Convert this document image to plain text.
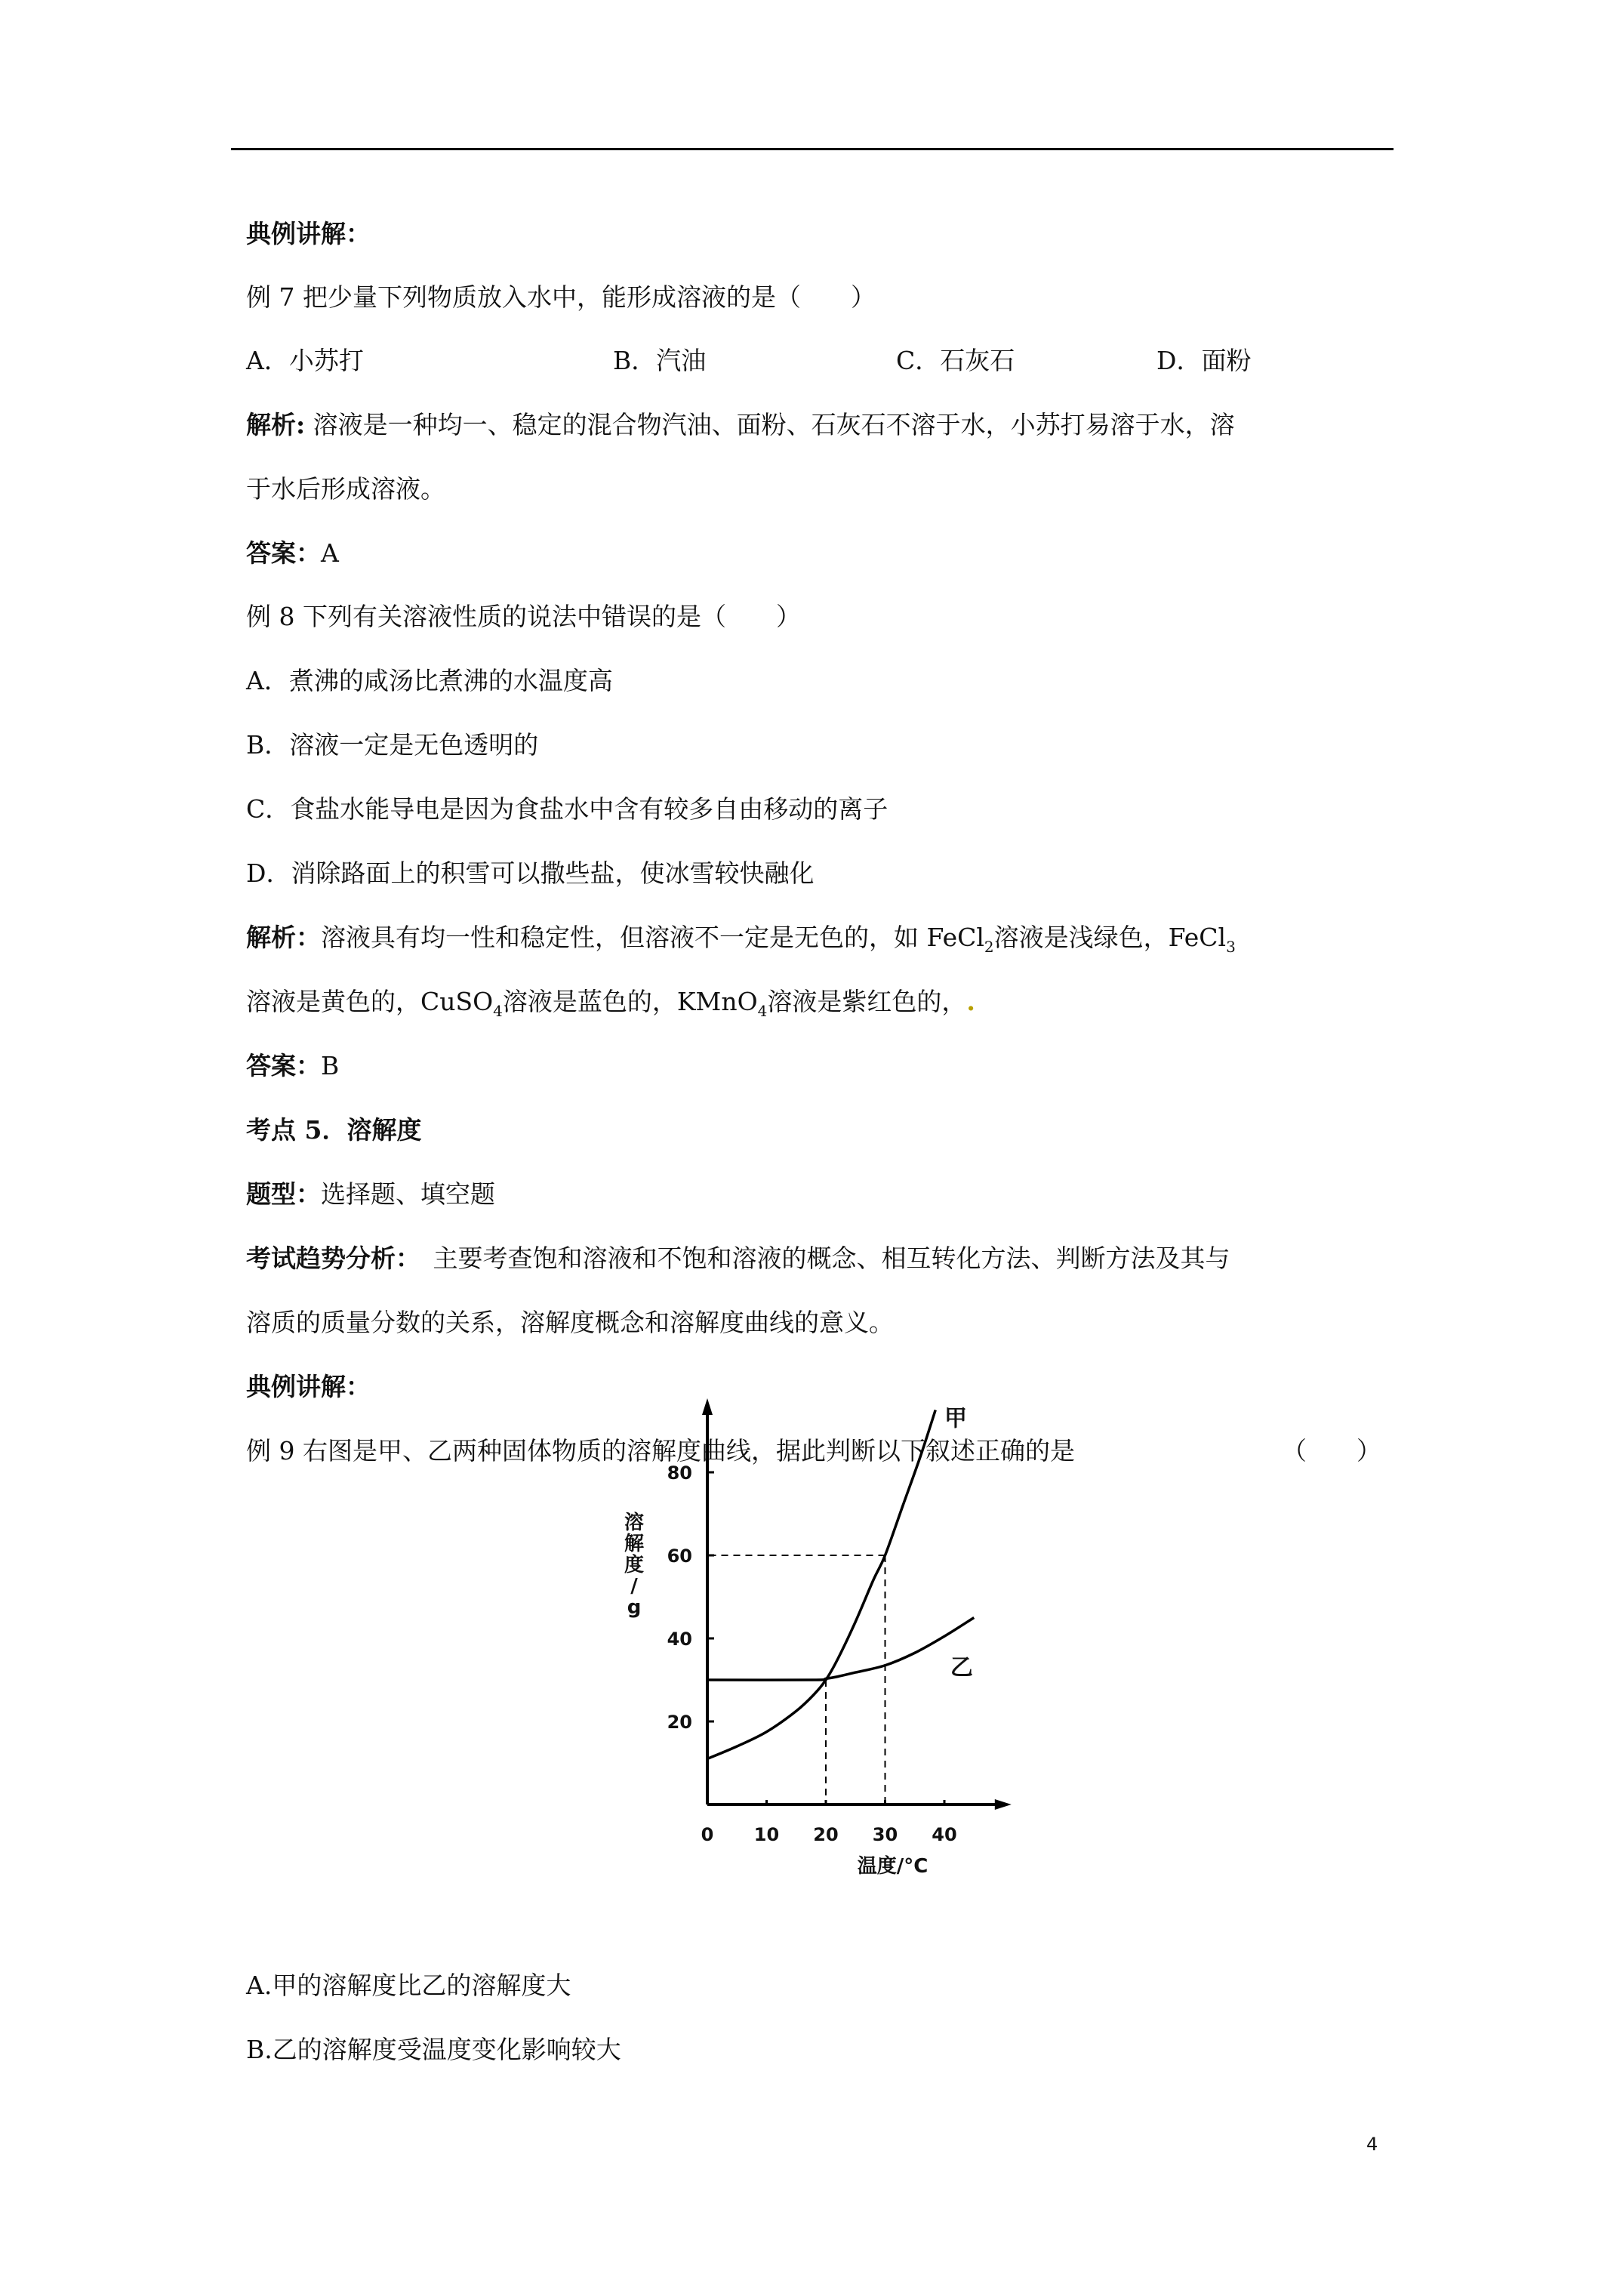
典例讲解：
例 7 把少量下列物质放入水中，能形成溶液的是（　　）
A．小苏打	B．汽油	C．石灰石	D．面粉
解析: 溶液是一种均一、稳定的混合物汽油、面粉、石灰石不溶于水，小苏打易溶于水，溶
于水后形成溶液。
答案：A
例 8 下列有关溶液性质的说法中错误的是（　　）
A．煮沸的咸汤比煮沸的水温度高
B．溶液一定是无色透明的
C．食盐水能导电是因为食盐水中含有较多自由移动的离子
D．消除路面上的积雪可以撒些盐，使冰雪较快融化
解析：溶液具有均一性和稳定性，但溶液不一定是无色的，如 FeCl$_2$溶液是浅绿色，FeCl$_3$
溶液是黄色的，CuSO$_4$溶液是蓝色的，KMnO$_4$溶液是紫红色的，.
答案：B
考点 5．溶解度
题型：选择题、填空题
考试趋势分析：　主要考查饱和溶液和不饱和溶液的概念、相互转化方法、判断方法及其与
溶质的质量分数的关系，溶解度概念和溶解度曲线的意义。
典例讲解：
例 9 右图是甲、乙两种固体物质的溶解度曲线，据此判断以下叙述正确的是	（　　）
0 10 20 30 40
20
40
60
80
溶
解
度
/
g
温度/°C
甲
乙
A.甲的溶解度比乙的溶解度大
B.乙的溶解度受温度变化影响较大
4
